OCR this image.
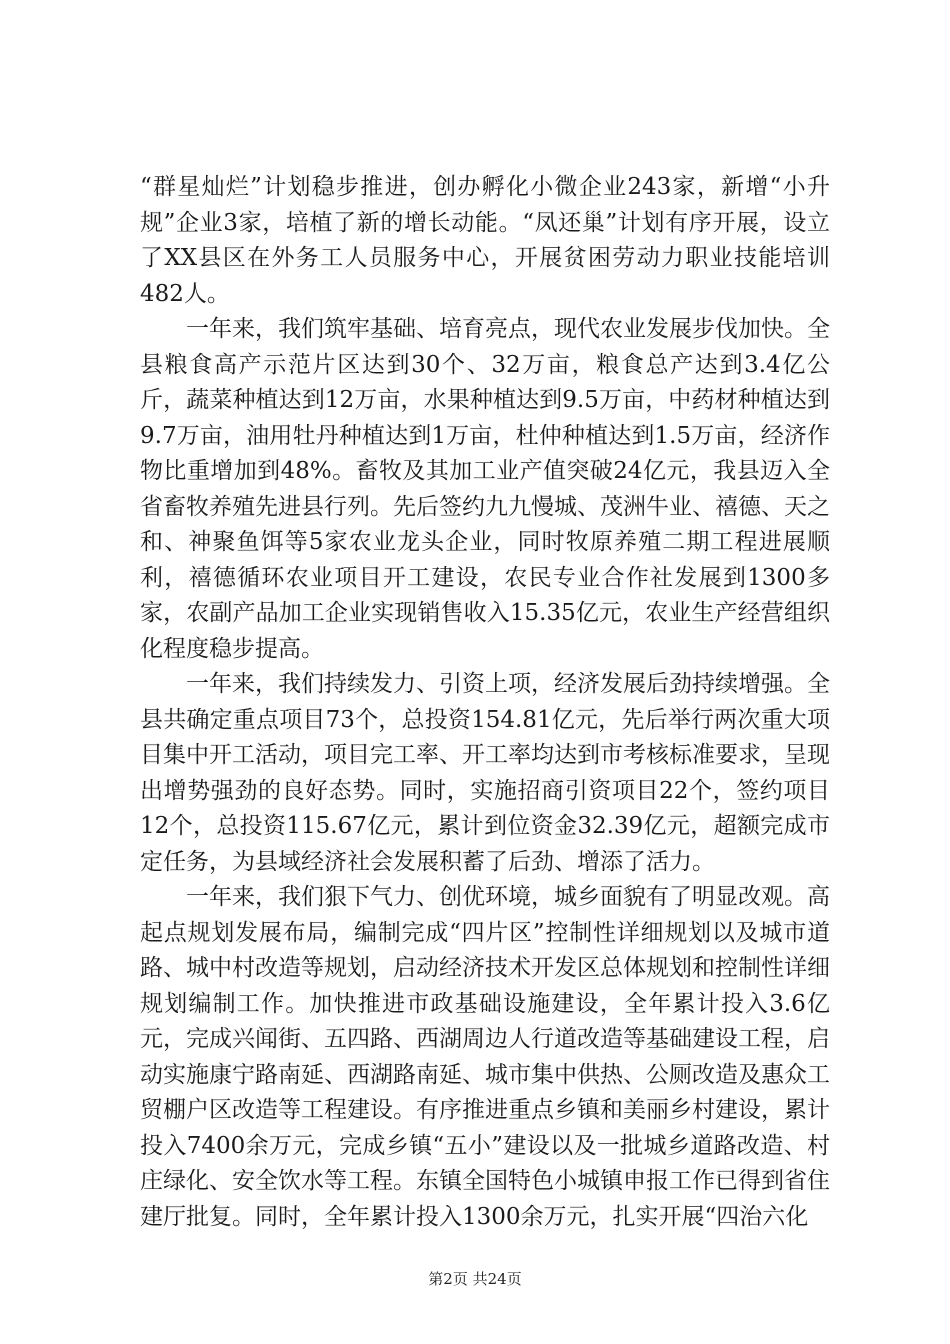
“群星灿烂”计划稳步推进，创办孵化小微企业243家，新增“小升规”企业3家，培植了新的增长动能。“凤还巢”计划有序开展，设立了XX县区在外务工人员服务中心，开展贫困劳动力职业技能培训482人。

一年来，我们筑牢基础、培育亮点，现代农业发展步伐加快。全县粮食高产示范片区达到30个、32万亩，粮食总产达到3.4亿公斤，蔬菜种植达到12万亩，水果种植达到9.5万亩，中药材种植达到9.7万亩，油用牡丹种植达到1万亩，杜仲种植达到1.5万亩，经济作物比重增加到48%。畜牧及其加工业产值突破24亿元，我县迈入全省畜牧养殖先进县行列。先后签约九九慢城、茂洲牛业、禧德、天之和、神聚鱼饵等5家农业龙头企业，同时牧原养殖二期工程进展顺利，禧德循环农业项目开工建设，农民专业合作社发展到1300多家，农副产品加工企业实现销售收入15.35亿元，农业生产经营组织化程度稳步提高。

一年来，我们持续发力、引资上项，经济发展后劲持续增强。全县共确定重点项目73个，总投资154.81亿元，先后举行两次重大项目集中开工活动，项目完工率、开工率均达到市考核标准要求，呈现出增势强劲的良好态势。同时，实施招商引资项目22个，签约项目12个，总投资115.67亿元，累计到位资金32.39亿元，超额完成市定任务，为县域经济社会发展积蓄了后劲、增添了活力。

一年来，我们狠下气力、创优环境，城乡面貌有了明显改观。高起点规划发展布局，编制完成“四片区”控制性详细规划以及城市道路、城中村改造等规划，启动经济技术开发区总体规划和控制性详细规划编制工作。加快推进市政基础设施建设，全年累计投入3.6亿元，完成兴闻街、五四路、西湖周边人行道改造等基础建设工程，启动实施康宁路南延、西湖路南延、城市集中供热、公厕改造及惠众工贸棚户区改造等工程建设。有序推进重点乡镇和美丽乡村建设，累计投入7400余万元，完成乡镇“五小”建设以及一批城乡道路改造、村庄绿化、安全饮水等工程。东镇全国特色小城镇申报工作已得到省住建厅批复。同时，全年累计投入1300余万元，扎实开展“四治六化

第2页 共24页
